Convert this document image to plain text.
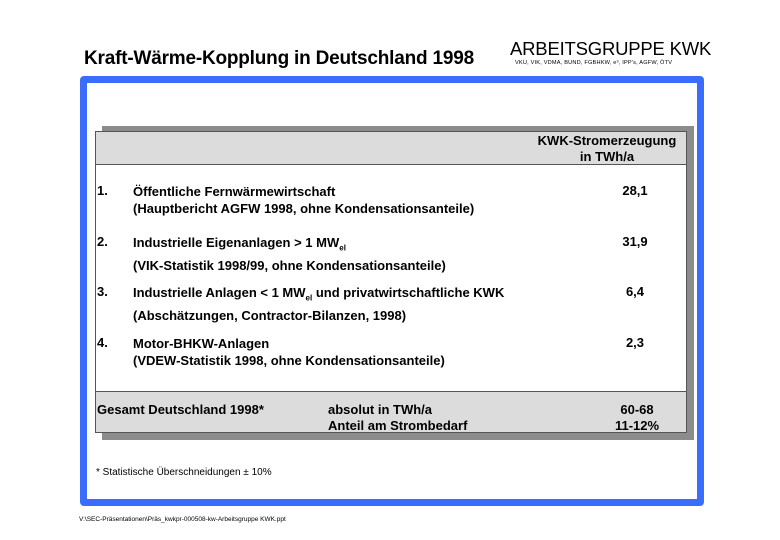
Kraft-Wärme-Kopplung in Deutschland 1998 ARBEITSGRUPPE KWK
VKU, VIK, VDMA, BUND, FGBHKW, e³, IPP's, AGFW, ÖTV
KWK-Stromerzeugung
in TWh/a
1. Öffentliche Fernwärmewirtschaft
(Hauptbericht AGFW 1998, ohne Kondensationsanteile)
28,1
2. Industrielle Eigenanlagen > 1 $MW_{el}$
(VIK-Statistik 1998/99, ohne Kondensationsanteile)
31,9
3. Industrielle Anlagen < 1 $MW_{el}$ und privatwirtschaftliche KWK
(Abschätzungen, Contractor-Bilanzen, 1998)
6,4
4. Motor-BHKW-Anlagen
(VDEW-Statistik 1998, ohne Kondensationsanteile)
2,3
Gesamt Deutschland 1998*	absolut in TWh/a
Anteil am Strombedarf
60-68
11-12%
* Statistische Überschneidungen ± 10%
V:\SEC-Präsentationen\Präs_kwkpr-000508-kw-Arbeitsgruppe KWK.ppt
